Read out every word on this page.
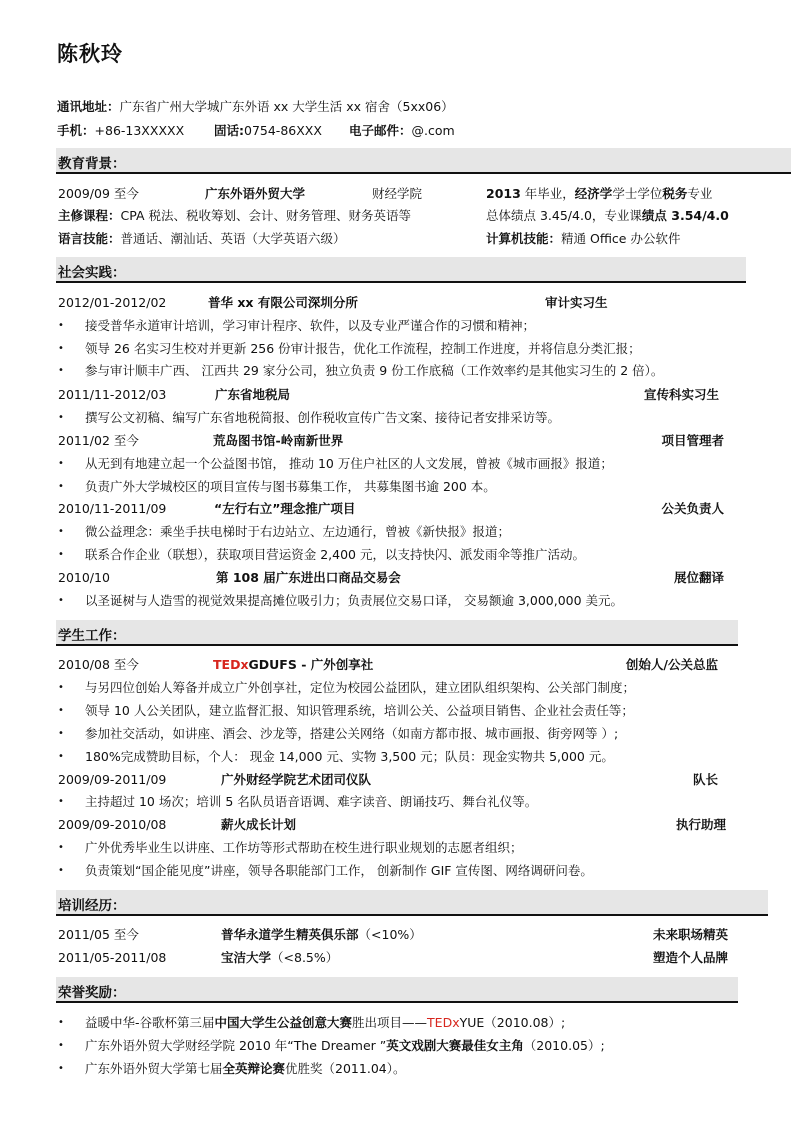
陈秋玲
通讯地址：广东省广州大学城广东外语 xx 大学生活 xx 宿舍（5xx06）
手机：+86-13XXXXX 固话:0754-86XXX 电子邮件：@.com
教育背景：
2009/09 至今	广东外语外贸大学	财经学院	2013 年毕业，经济学学士学位税务专业
主修课程：CPA 税法、税收筹划、会计、财务管理、财务英语等	总体绩点 3.45/4.0，专业课绩点 3.54/4.0
语言技能：普通话、潮汕话、英语（大学英语六级）	计算机技能：精通 Office 办公软件
社会实践：
2012/01-2012/02	普华 xx 有限公司深圳分所	审计实习生
• 接受普华永道审计培训，学习审计程序、软件，以及专业严谨合作的习惯和精神；
• 领导 26 名实习生校对并更新 256 份审计报告，优化工作流程，控制工作进度，并将信息分类汇报；
• 参与审计顺丰广西、 江西共 29 家分公司，独立负责 9 份工作底稿（工作效率约是其他实习生的 2 倍）。
2011/11-2012/03	广东省地税局	宣传科实习生
• 撰写公文初稿、编写广东省地税简报、创作税收宣传广告文案、接待记者安排采访等。
2011/02 至今	荒岛图书馆-岭南新世界	项目管理者
• 从无到有地建立起一个公益图书馆， 推动 10 万住户社区的人文发展，曾被《城市画报》报道；
• 负责广外大学城校区的项目宣传与图书募集工作， 共募集图书逾 200 本。
2010/11-2011/09	“左行右立”理念推广项目	公关负责人
• 微公益理念：乘坐手扶电梯时于右边站立、左边通行，曾被《新快报》报道；
• 联系合作企业（联想），获取项目营运资金 2,400 元，以支持快闪、派发雨伞等推广活动。
2010/10	第 108 届广东进出口商品交易会	展位翻译
• 以圣诞树与人造雪的视觉效果提高摊位吸引力；负责展位交易口译， 交易额逾 3,000,000 美元。
学生工作：
2010/08 至今	TEDxGDUFS - 广外创享社	创始人/公关总监
• 与另四位创始人筹备并成立广外创享社，定位为校园公益团队，建立团队组织架构、公关部门制度；
• 领导 10 人公关团队，建立监督汇报、知识管理系统，培训公关、公益项目销售、企业社会责任等；
• 参加社交活动，如讲座、酒会、沙龙等，搭建公关网络（如南方都市报、城市画报、街旁网等 ）;
• 180%完成赞助目标，个人： 现金 14,000 元、实物 3,500 元；队员：现金实物共 5,000 元。
2009/09-2011/09	广外财经学院艺术团司仪队	队长
• 主持超过 10 场次；培训 5 名队员语音语调、难字读音、朗诵技巧、舞台礼仪等。
2009/09-2010/08	薪火成长计划	执行助理
• 广外优秀毕业生以讲座、工作坊等形式帮助在校生进行职业规划的志愿者组织；
• 负责策划“国企能见度”讲座，领导各职能部门工作， 创新制作 GIF 宣传图、网络调研问卷。
培训经历：
2011/05 至今	普华永道学生精英俱乐部（<10%）	未来职场精英
2011/05-2011/08	宝洁大学（<8.5%）	塑造个人品牌
荣誉奖励：
• 益暖中华-谷歌杯第三届中国大学生公益创意大赛胜出项目——TEDxYUE（2010.08）;
• 广东外语外贸大学财经学院 2010 年“The Dreamer ”英文戏剧大赛最佳女主角（2010.05）;
• 广东外语外贸大学第七届全英辩论赛优胜奖（2011.04）。
